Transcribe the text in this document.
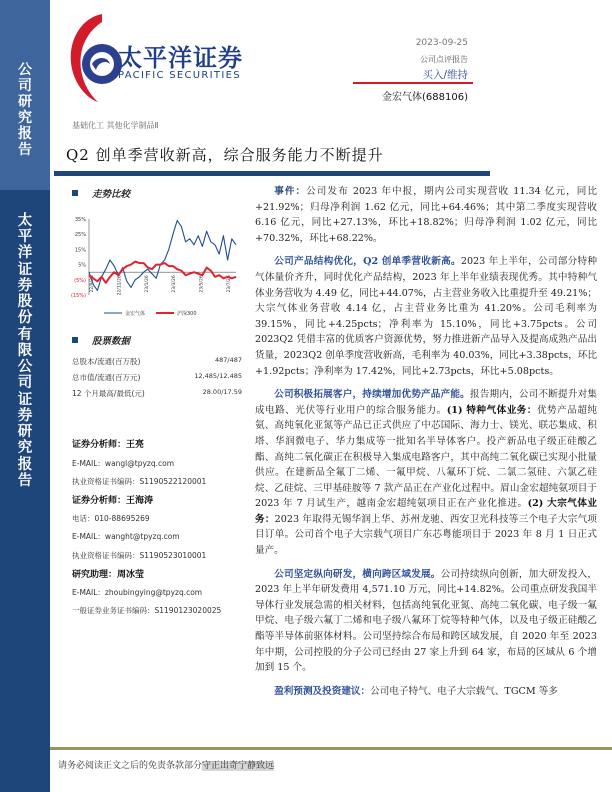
公司研究报告
太平洋证券股份有限公司证券研究报告
太平洋证券
PACIFIC SECURITIES
2023-09-25
公司点评报告
买入/维持
金宏气体(688106)
基础化工 其他化学制品Ⅱ
Q2 创单季营收新高，综合服务能力不断提升
走势比较
35%
25%
15%
5%
(5%)
(15%)
22/9/26	22/11/26	23/1/26	23/3/26	23/5/26	23/7/26
金宏气体	沪深300
股票数据
总股本/流通(百万股)	487/487
总市值/流通(百万元)	12,485/12,485
12 个月最高/最低(元)	28.00/17.59
证券分析师：王亮
E-MAIL：wangl@tpyzq.com
执业资格证书编码：S1190522120001
证券分析师：王海涛
电话：010-88695269
E-MAIL：wanght@tpyzq.com
执业资格证书编码：S1190523010001
研究助理：周冰莹
E-MAIL：zhoubingying@tpyzq.com
一般证券业务证书编码：S1190123020025

事件：公司发布 2023 年中报，期内公司实现营收 11.34 亿元，同比+21.92%；归母净利润 1.62 亿元，同比+64.46%；其中第二季度实现营收 6.16 亿元，同比+27.13%，环比+18.82%；归母净利润 1.02 亿元，同比+70.32%，环比+68.22%。

公司产品结构优化，Q2 创单季营收新高。2023 年上半年，公司部分特种气体量价齐升，同时优化产品结构，2023 年上半年业绩表现优秀。其中特种气体业务营收为 4.49 亿，同比+44.07%，占主营业务收入比重提升至 49.21%；大宗气体业务营收 4.14 亿，占主营业务比重为 41.20%。公司毛利率为 39.15%，同比+4.25pcts；净利率为 15.10%，同比+3.75pcts。公司 2023Q2 凭借丰富的优质客户资源优势，努力推进新产品导入及提高成熟产品出货量，2023Q2 创单季度营收新高，毛利率为 40.03%，同比+3.38pcts，环比+1.92pcts；净利率为 17.42%，同比+2.73pcts，环比+5.08pcts。

公司积极拓展客户，持续增加优势产品产能。报告期内，公司不断提升对集成电路、光伏等行业用户的综合服务能力。(1) 特种气体业务：优势产品超纯氨、高纯氧化亚氮等产品已正式供应了中芯国际、海力士、镁光、联芯集成、积塔、华润微电子、华力集成等一批知名半导体客户。投产新品电子级正硅酸乙酯、高纯二氧化碳正在积极导入集成电路客户，其中高纯二氧化碳已实现小批量供应。在建新品全氟丁二烯、一氟甲烷、八氟环丁烷、二氯二氢硅、六氯乙硅烷、乙硅烷、三甲基硅胺等 7 款产品正在产业化过程中。眉山金宏超纯氨项目于 2023 年 7 月试生产，越南金宏超纯氨项目正在产业化推进。(2) 大宗气体业务：2023 年取得无锡华润上华、苏州龙驰、西安卫光科技等三个电子大宗气项目订单。公司首个电子大宗载气项目广东芯粤能项目于 2023 年 8 月 1 日正式量产。

公司坚定纵向研发，横向跨区域发展。公司持续纵向创新，加大研发投入，2023 年上半年研发费用 4,571.10 万元，同比+14.82%。公司重点研发我国半导体行业发展急需的相关材料，包括高纯氧化亚氮、高纯二氧化碳、电子级一氟甲烷、电子级六氟丁二烯和电子级八氟环丁烷等特种气体，以及电子级正硅酸乙酯等半导体前驱体材料。公司坚持综合布局和跨区域发展，自 2020 年至 2023 年中期，公司控股的分子公司已经由 27 家上升到 64 家，布局的区域从 6 个增加到 15 个。

盈利预测及投资建议：公司电子特气、电子大宗载气、TGCM 等多

请务必阅读正文之后的免责条款部分守正出奇宁静致远
